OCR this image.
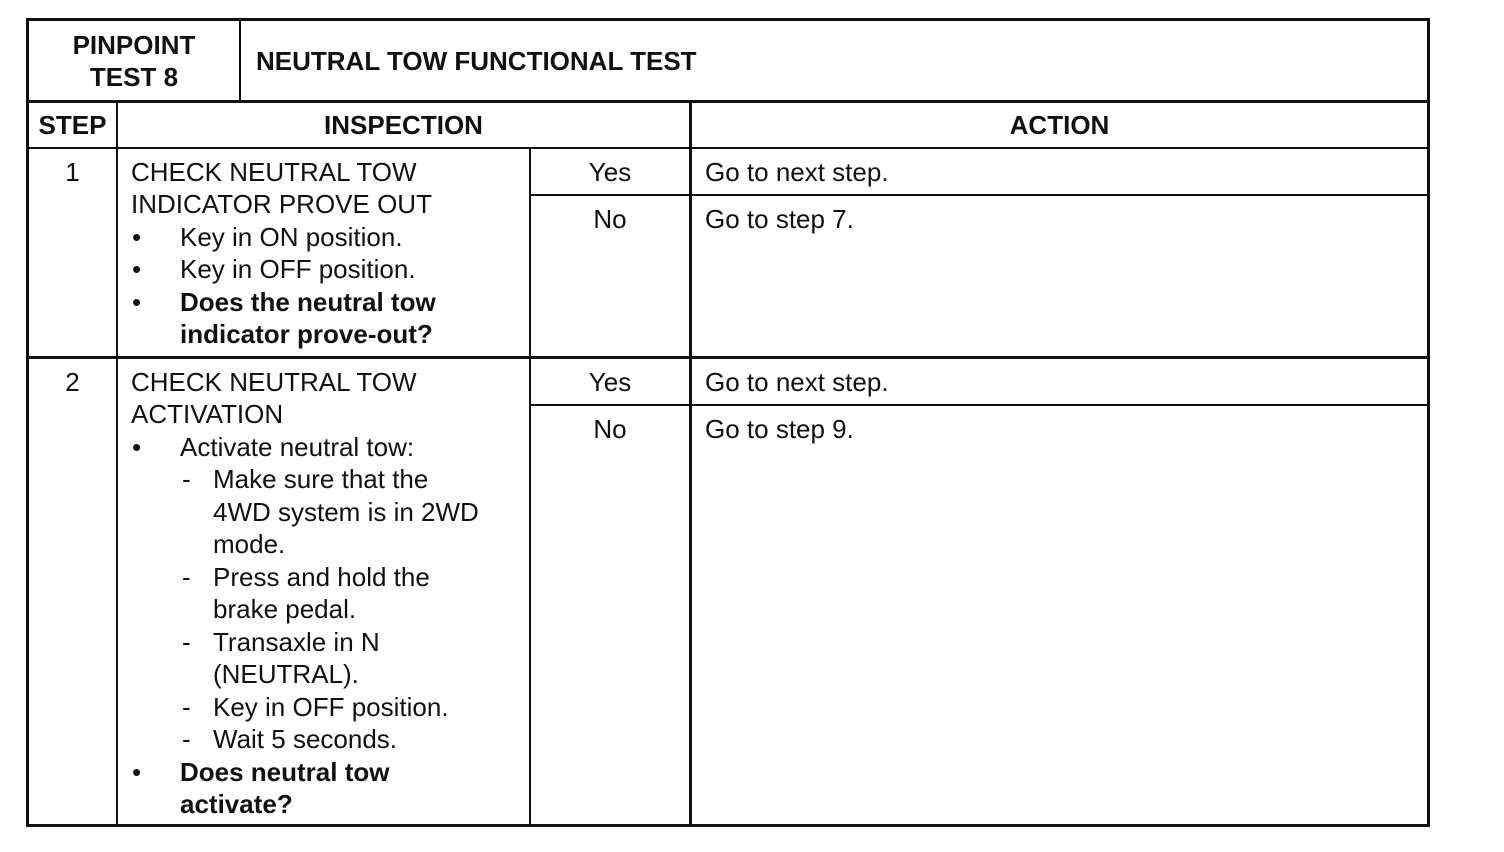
PINPOINT
TEST 8
NEUTRAL TOW FUNCTIONAL TEST
STEP	INSPECTION	ACTION
1	CHECK NEUTRAL TOW
INDICATOR PROVE OUT
• Key in ON position.
• Key in OFF position.
• Does the neutral tow
indicator prove-out?
Yes	Go to next step.
No	Go to step 7.
2	CHECK NEUTRAL TOW
ACTIVATION
• Activate neutral tow:
- Make sure that the
4WD system is in 2WD
mode.
- Press and hold the
brake pedal.
- Transaxle in N
(NEUTRAL).
- Key in OFF position.
- Wait 5 seconds.
• Does neutral tow
activate?
Yes	Go to next step.
No	Go to step 9.
